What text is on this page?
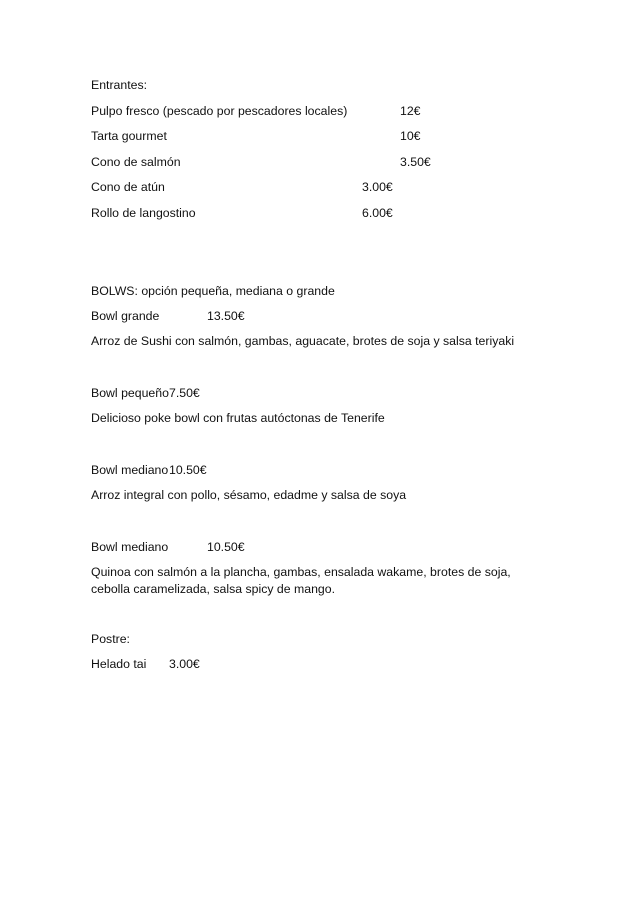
Entrantes:
Pulpo fresco (pescado por pescadores locales)	12€
Tarta gourmet	10€
Cono de salmón	3.50€
Cono de atún	3.00€
Rollo de langostino	6.00€
BOLWS: opción pequeña, mediana o grande
Bowl grande	13.50€
Arroz de Sushi con salmón, gambas, aguacate, brotes de soja y salsa teriyaki
Bowl pequeño 7.50€
Delicioso poke bowl con frutas autóctonas de Tenerife
Bowl mediano 10.50€
Arroz integral con pollo, sésamo, edadme y salsa de soya
Bowl mediano	10.50€
Quinoa con salmón a la plancha, gambas, ensalada wakame, brotes de soja, cebolla caramelizada, salsa spicy de mango.
Postre:
Helado tai 3.00€
